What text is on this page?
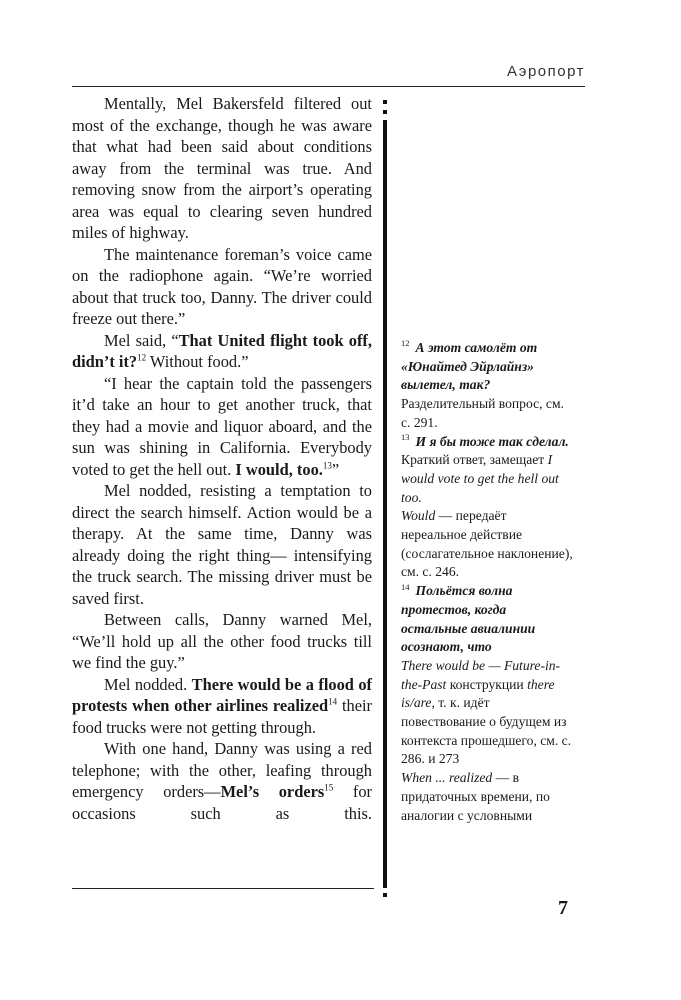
Аэропорт

Mentally, Mel Bakersfeld filtered out most of the exchange, though he was aware that what had been said about conditions away from the terminal was true. And removing snow from the airport’s operating area was equal to clearing seven hundred miles of highway.

The maintenance foreman’s voice came on the radiophone again. “We’re worried about that truck too, Danny. The driver could freeze out there.”

Mel said, “That United flight took off, didn’t it?$^{12}$ Without food.”

“I hear the captain told the passengers it’d take an hour to get another truck, that they had a movie and liquor aboard, and the sun was shining in California. Everybody voted to get the hell out. I would, too.$^{13}$”

Mel nodded, resisting a temptation to direct the search himself. Action would be a therapy. At the same time, Danny was already doing the right thing— intensifying the truck search. The missing driver must be saved first.

Between calls, Danny warned Mel, “We’ll hold up all the other food trucks till we find the guy.”

Mel nodded. There would be a flood of protests when other airlines realized$^{14}$ their food trucks were not getting through.

With one hand, Danny was using a red telephone; with the other, leafing through emergency orders—Mel’s orders$^{15}$ for occasions such as this.

$^{12}$ А этот самолёт от «Юнайтед Эйрлайнз» вылетел, так?
Разделительный вопрос, см. с. 291.
$^{13}$ И я бы тоже так сделал.
Краткий ответ, замещает I would vote to get the hell out too.
Would — передаёт нереальное действие (сослагательное наклонение), см. с. 246.
$^{14}$ Польётся волна протестов, когда остальные авиалинии осознают, что
There would be — Future-in-the-Past конструкции there is/are, т. к. идёт повествование о будущем из контекста прошедшего, см. с. 286. и 273
When ... realized — в придаточных времени, по аналогии с условными
7
